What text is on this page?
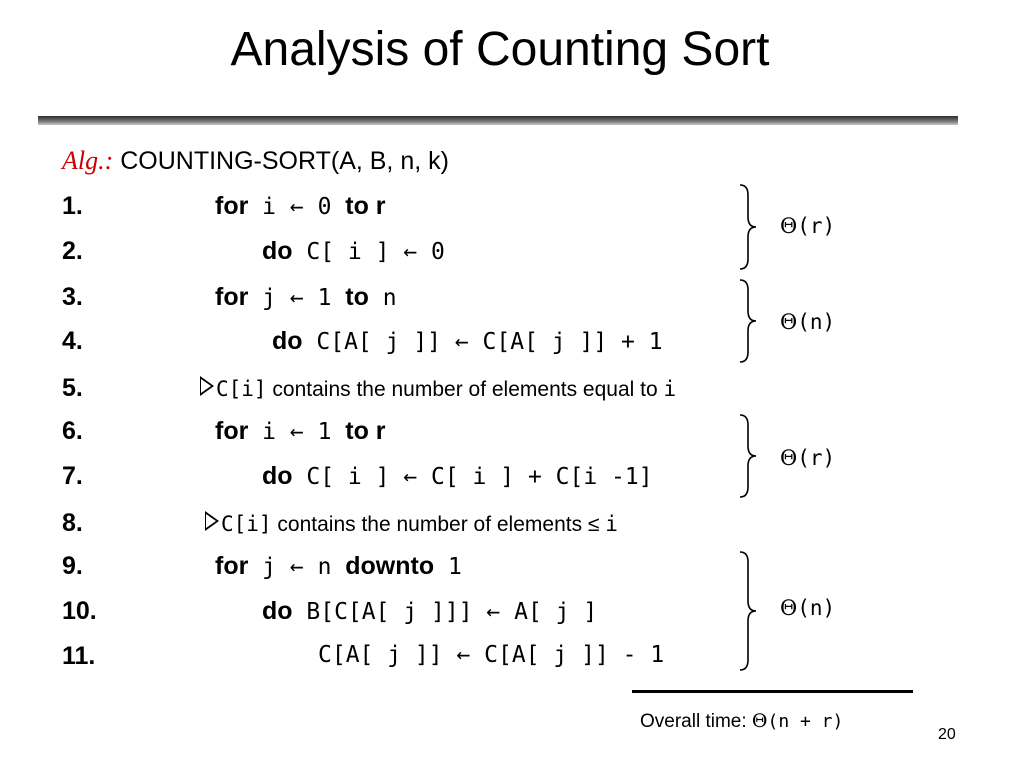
Analysis of Counting Sort
Alg.: COUNTING-SORT(A, B, n, k)
1.	for i ← 0 to r
2.	do C[ i ] ← 0
3.	for j ← 1 to n
4.	do C[A[ j ]] ← C[A[ j ]] + 1
5.	C[i] contains the number of elements equal to i
6.	for i ← 1 to r
7.	do C[ i ] ← C[ i ] + C[i -1]
8.	C[i] contains the number of elements ≤ i
9.	for j ← n downto 1
10.	do B[C[A[ j ]]] ← A[ j ]
11.	C[A[ j ]] ← C[A[ j ]] - 1
Θ(r)
Θ(n)
Θ(r)
Θ(n)
Overall time: Θ(n + r)
20
